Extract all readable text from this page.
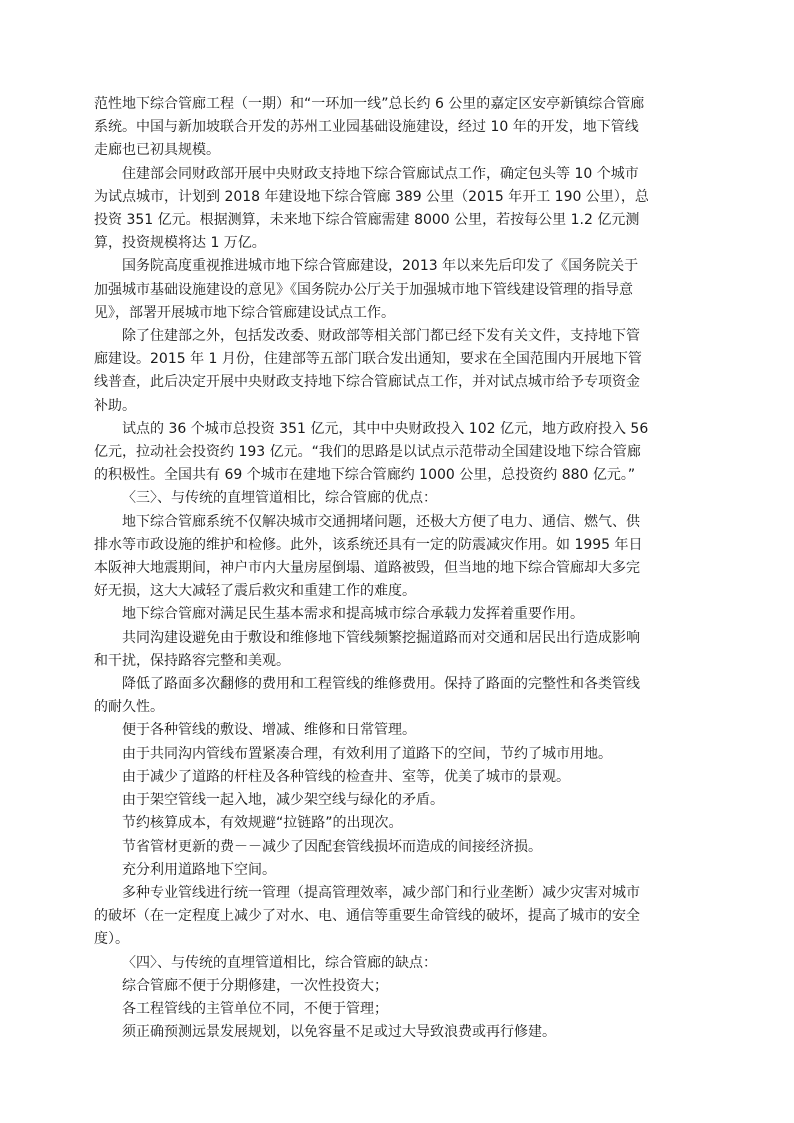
范性地下综合管廊工程（一期）和“一环加一线”总长约 6 公里的嘉定区安亭新镇综合管廊系统。中国与新加坡联合开发的苏州工业园基础设施建设，经过 10 年的开发，地下管线走廊也已初具规模。

住建部会同财政部开展中央财政支持地下综合管廊试点工作，确定包头等 10 个城市为试点城市，计划到 2018 年建设地下综合管廊 389 公里（2015 年开工 190 公里），总投资 351 亿元。根据测算，未来地下综合管廊需建 8000 公里，若按每公里 1.2 亿元测算，投资规模将达 1 万亿。

国务院高度重视推进城市地下综合管廊建设，2013 年以来先后印发了《国务院关于加强城市基础设施建设的意见》《国务院办公厅关于加强城市地下管线建设管理的指导意见》，部署开展城市地下综合管廊建设试点工作。

除了住建部之外，包括发改委、财政部等相关部门都已经下发有关文件，支持地下管廊建设。2015 年 1 月份，住建部等五部门联合发出通知，要求在全国范围内开展地下管线普查，此后决定开展中央财政支持地下综合管廊试点工作，并对试点城市给予专项资金补助。

试点的 36 个城市总投资 351 亿元，其中中央财政投入 102 亿元，地方政府投入 56 亿元，拉动社会投资约 193 亿元。“我们的思路是以试点示范带动全国建设地下综合管廊的积极性。全国共有 69 个城市在建地下综合管廊约 1000 公里，总投资约 880 亿元。”

〈三〉、与传统的直埋管道相比，综合管廊的优点：

地下综合管廊系统不仅解决城市交通拥堵问题，还极大方便了电力、通信、燃气、供排水等市政设施的维护和检修。此外，该系统还具有一定的防震减灾作用。如 1995 年日本阪神大地震期间，神户市内大量房屋倒塌、道路被毁，但当地的地下综合管廊却大多完好无损，这大大减轻了震后救灾和重建工作的难度。

地下综合管廊对满足民生基本需求和提高城市综合承载力发挥着重要作用。

共同沟建设避免由于敷设和维修地下管线频繁挖掘道路而对交通和居民出行造成影响和干扰，保持路容完整和美观。

降低了路面多次翻修的费用和工程管线的维修费用。保持了路面的完整性和各类管线的耐久性。

便于各种管线的敷设、增减、维修和日常管理。

由于共同沟内管线布置紧凑合理，有效利用了道路下的空间，节约了城市用地。

由于减少了道路的杆柱及各种管线的检查井、室等，优美了城市的景观。

由于架空管线一起入地，减少架空线与绿化的矛盾。

节约核算成本，有效规避“拉链路”的出现次。

节省管材更新的费－－减少了因配套管线损坏而造成的间接经济损。

充分利用道路地下空间。

多种专业管线进行统一管理（提高管理效率，减少部门和行业垄断）减少灾害对城市的破坏（在一定程度上减少了对水、电、通信等重要生命管线的破坏，提高了城市的安全度）。

〈四〉、与传统的直埋管道相比，综合管廊的缺点：

综合管廊不便于分期修建，一次性投资大；

各工程管线的主管单位不同，不便于管理；

须正确预测远景发展规划，以免容量不足或过大导致浪费或再行修建。
